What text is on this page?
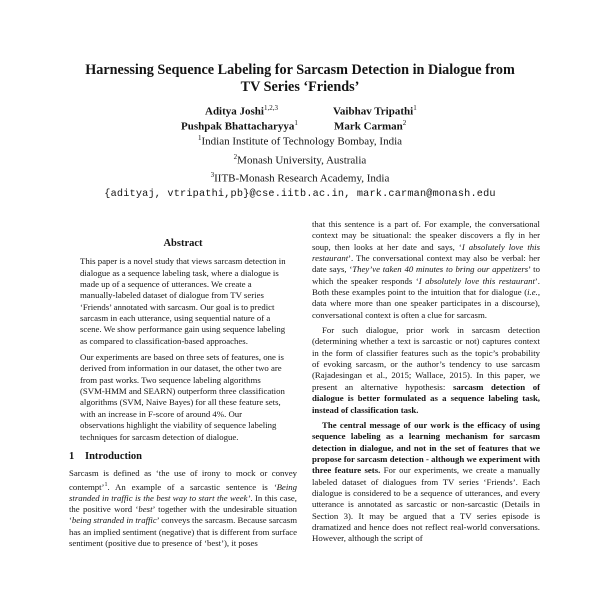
Harnessing Sequence Labeling for Sarcasm Detection in Dialogue from
TV Series ‘Friends’
Aditya Joshi$^{1,2,3}$	Vaibhav Tripathi$^1$
Pushpak Bhattacharyya$^1$	Mark Carman$^2$
$^1$Indian Institute of Technology Bombay, India
$^2$Monash University, Australia
$^3$IITB-Monash Research Academy, India
{adityaj, vtripathi,pb}@cse.iitb.ac.in, mark.carman@monash.edu
Abstract

This paper is a novel study that views sarcasm detection in dialogue as a sequence labeling task, where a dialogue is made up of a sequence of utterances. We create a manually-labeled dataset of dialogue from TV series ‘Friends’ annotated with sarcasm. Our goal is to predict sarcasm in each utterance, using sequential nature of a scene. We show performance gain using sequence labeling as compared to classification-based approaches.

Our experiments are based on three sets of features, one is derived from information in our dataset, the other two are from past works. Two sequence labeling algorithms (SVM-HMM and SEARN) outperform three classification algorithms (SVM, Naive Bayes) for all these feature sets, with an increase in F-score of around 4%. Our observations highlight the viability of sequence labeling techniques for sarcasm detection of dialogue.

1 Introduction

Sarcasm is defined as ‘the use of irony to mock or convey contempt’$^1$. An example of a sarcastic sentence is ‘Being stranded in traffic is the best way to start the week’. In this case, the positive word ‘best’ together with the undesirable situation ‘being stranded in traffic’ conveys the sarcasm. Because sarcasm has an implied sentiment (negative) that is different from surface sentiment (positive due to presence of ‘best’), it poses

that this sentence is a part of. For example, the conversational context may be situational: the speaker discovers a fly in her soup, then looks at her date and says, ‘I absolutely love this restaurant’. The conversational context may also be verbal: her date says, ‘They’ve taken 40 minutes to bring our appetizers’ to which the speaker responds ‘I absolutely love this restaurant’. Both these examples point to the intuition that for dialogue (i.e., data where more than one speaker participates in a discourse), conversational context is often a clue for sarcasm.

For such dialogue, prior work in sarcasm detection (determining whether a text is sarcastic or not) captures context in the form of classifier features such as the topic’s probability of evoking sarcasm, or the author’s tendency to use sarcasm (Rajadesingan et al., 2015; Wallace, 2015). In this paper, we present an alternative hypothesis: sarcasm detection of dialogue is better formulated as a sequence labeling task, instead of classification task.

The central message of our work is the efficacy of using sequence labeling as a learning mechanism for sarcasm detection in dialogue, and not in the set of features that we propose for sarcasm detection - although we experiment with three feature sets. For our experiments, we create a manually labeled dataset of dialogues from TV series ‘Friends’. Each dialogue is considered to be a sequence of utterances, and every utterance is annotated as sarcastic or non-sarcastic (Details in Section 3). It may be argued that a TV series episode is dramatized and hence does not reflect real-world conversations. However, although the script of
